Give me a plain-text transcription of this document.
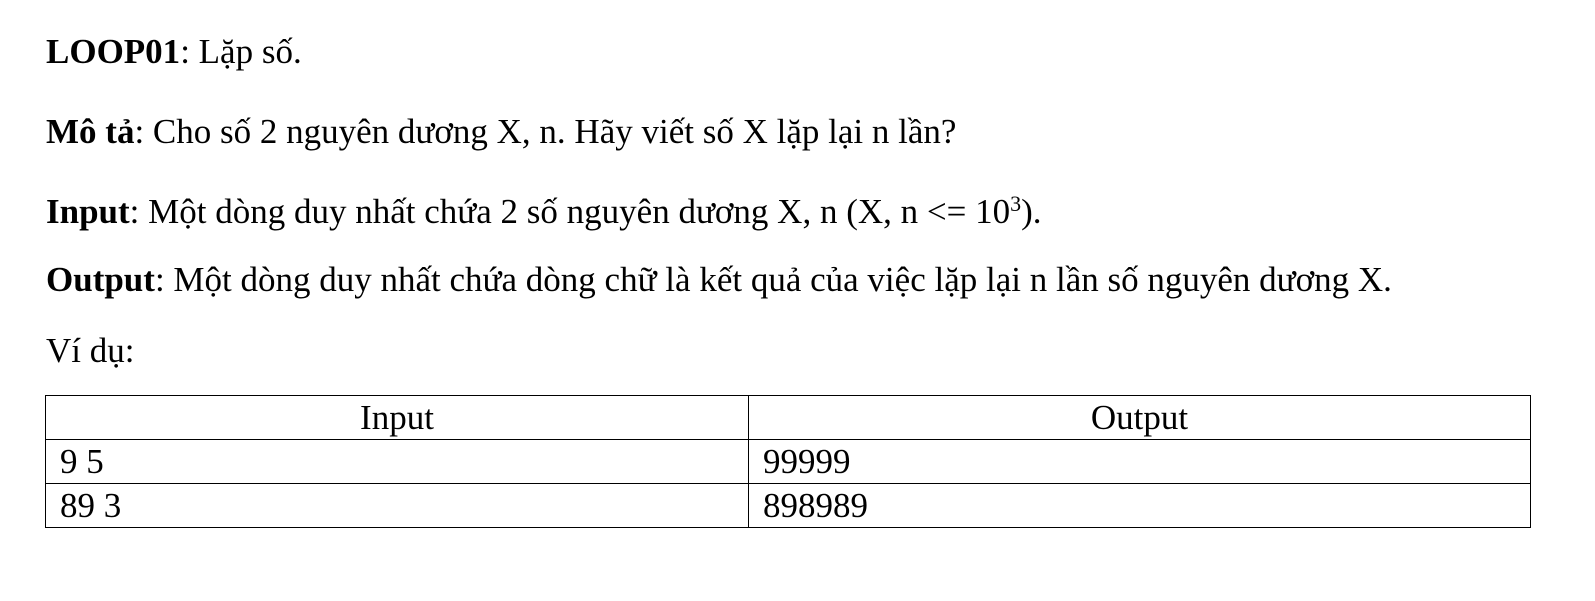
LOOP01: Lặp số.
Mô tả: Cho số 2 nguyên dương X, n. Hãy viết số X lặp lại n lần?
Input: Một dòng duy nhất chứa 2 số nguyên dương X, n (X, $n <= 10^3$).
Output: Một dòng duy nhất chứa dòng chữ là kết quả của việc lặp lại n lần số nguyên dương X.
Ví dụ:
Input	Output
9 5	99999
89 3	898989
